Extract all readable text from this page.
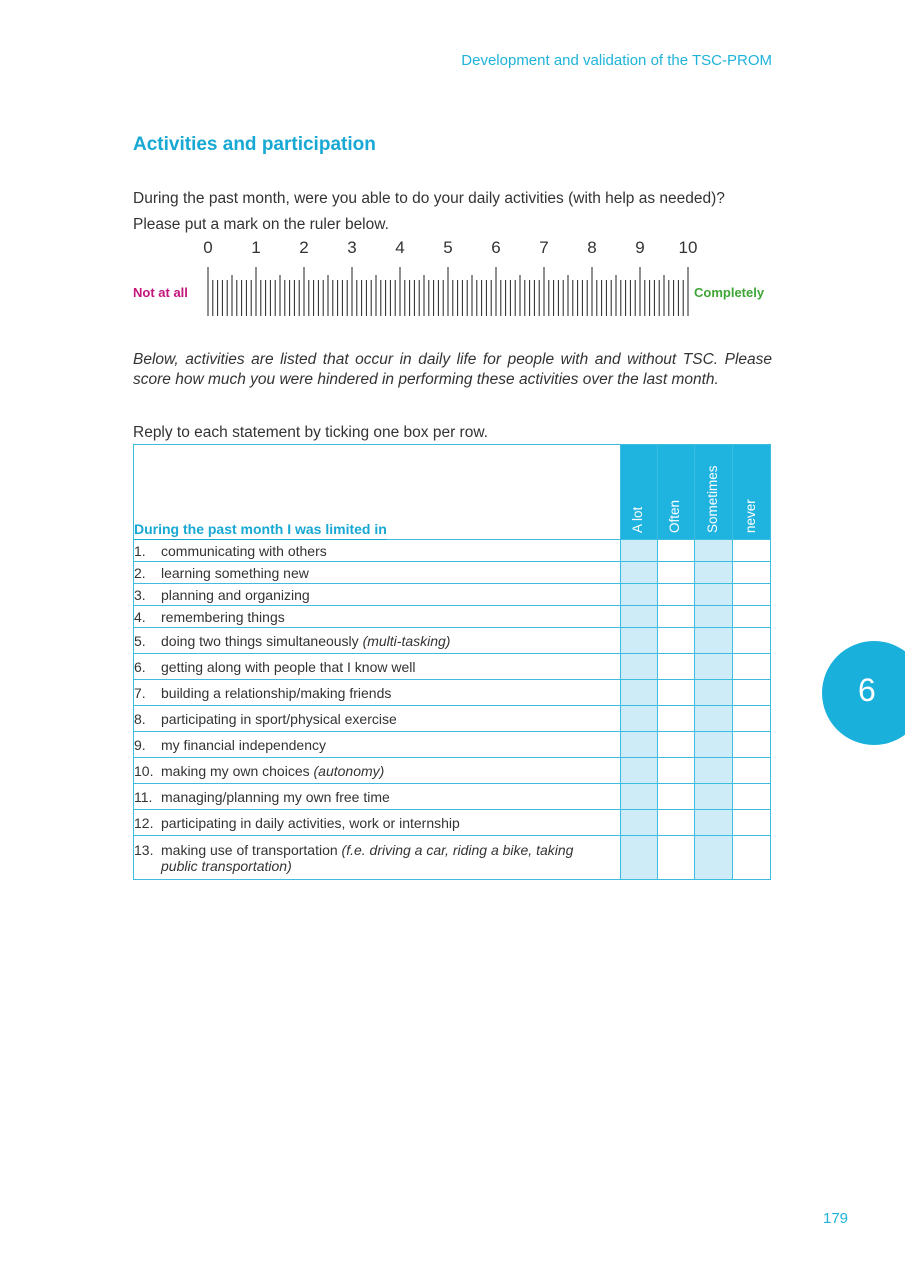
Development and validation of the TSC-PROM
Activities and participation
During the past month, were you able to do your daily activities (with help as needed)?
Please put a mark on the ruler below.
0 1 2 3 4 5 6 7 8 9 10
Not at all	Completely
Below, activities are listed that occur in daily life for people with and without TSC. Please score how much you were hindered in performing these activities over the last month.
Reply to each statement by ticking one box per row.
During the past month I was limited in	A lot	Often	Sometimes	never

1. communicating with others				
2. learning something new				
3. planning and organizing				
4. remembering things				
5. doing two things simultaneously (multi-tasking)				
6. getting along with people that I know well				
7. building a relationship/making friends				
8. participating in sport/physical exercise				
9. my financial independency				
10. making my own choices (autonomy)				
11. managing/planning my own free time				
12. participating in daily activities, work or internship				
13. making use of transportation (f.e. driving a car, riding a bike, taking public transportation)				
6
179
